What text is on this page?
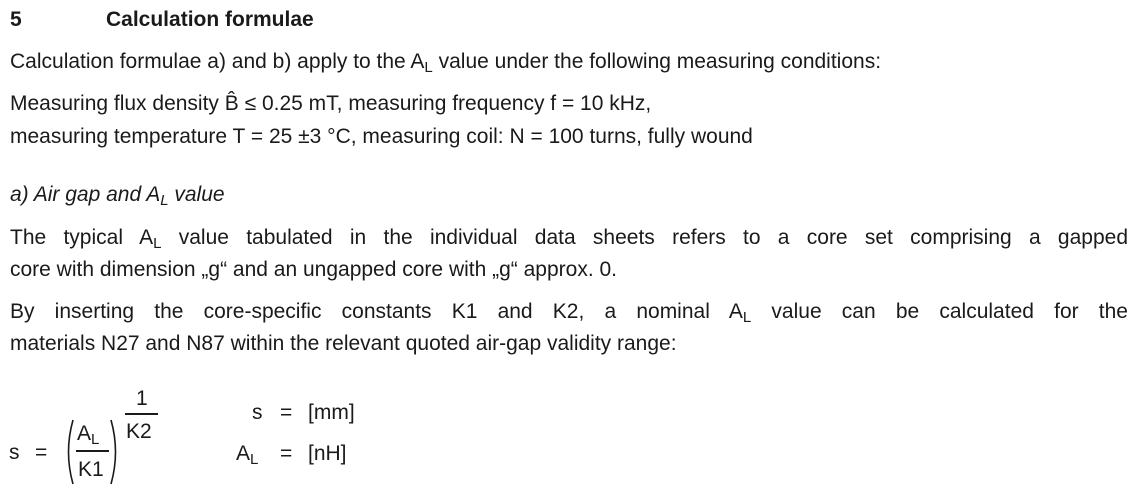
5	Calculation formulae
Calculation formulae a) and b) apply to the $A_L$ value under the following measuring conditions:
Measuring flux density B̂ ≤ 0.25 mT, measuring frequency f = 10 kHz,
measuring temperature T = 25 ±3 °C, measuring coil: N = 100 turns, fully wound
a) Air gap and $A_L$ value
The typical $A_L$ value tabulated in the individual data sheets refers to a core set comprising a gapped
core with dimension „g“ and an ungapped core with „g“ approx. 0.
By inserting the core-specific constants K1 and K2, a nominal $A_L$ value can be calculated for the
materials N27 and N87 within the relevant quoted air-gap validity range:
s =
$A_L$
K1
1
K2
s = [mm]
$A_L = [nH]$
